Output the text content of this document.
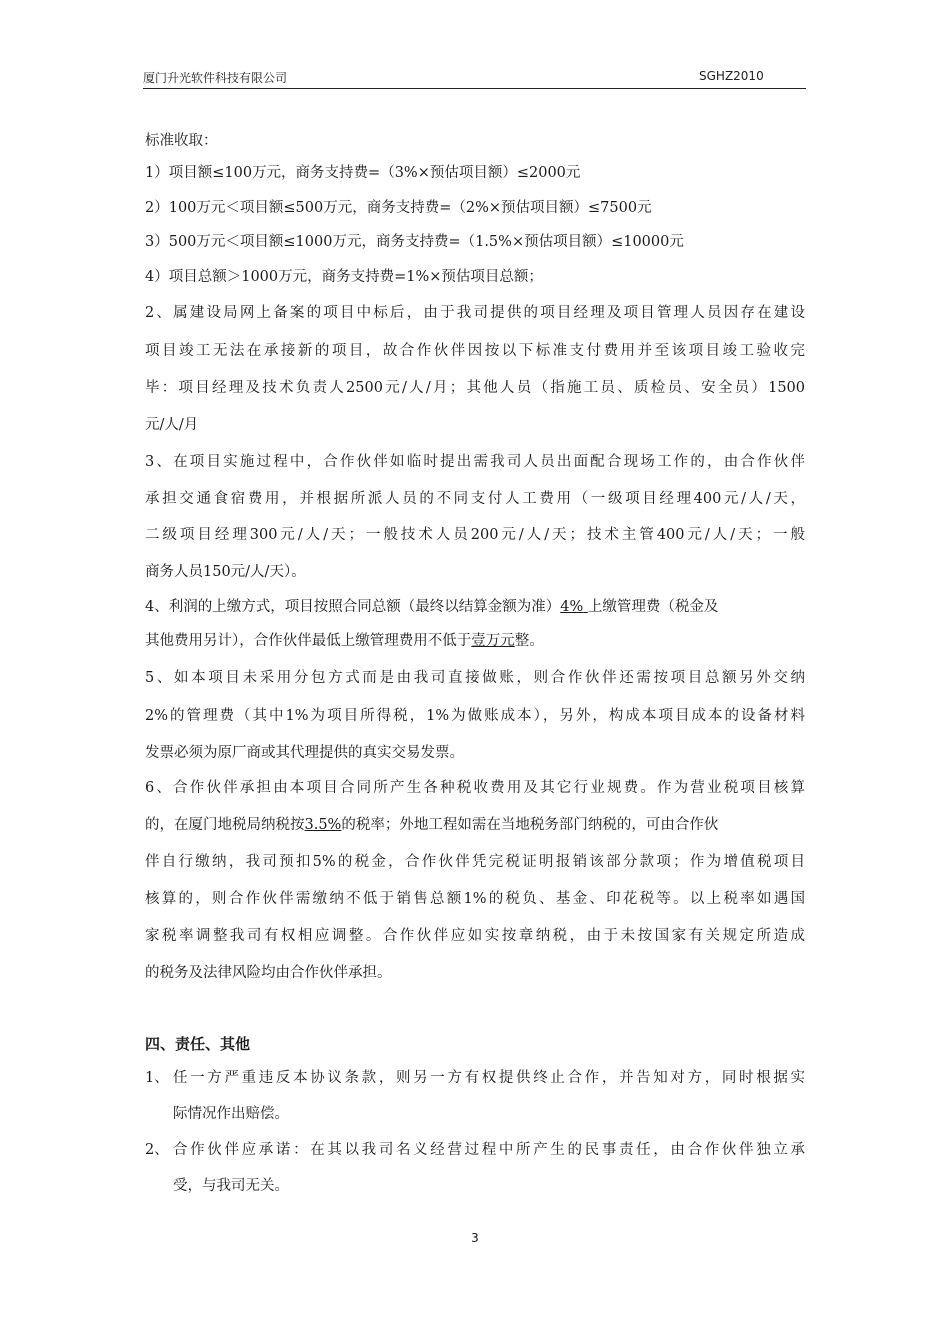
厦门升光软件科技有限公司	SGHZ2010
标准收取：
1）项目额≤100万元，商务支持费=（3%×预估项目额）≤2000元
2）100万元＜项目额≤500万元，商务支持费=（2%×预估项目额）≤7500元
3）500万元＜项目额≤1000万元，商务支持费=（1.5%×预估项目额）≤10000元
4）项目总额＞1000万元，商务支持费=1%×预估项目总额；
2、属建设局网上备案的项目中标后，由于我司提供的项目经理及项目管理人员因存在建设
项目竣工无法在承接新的项目，故合作伙伴因按以下标准支付费用并至该项目竣工验收完
毕：项目经理及技术负责人2500元/人/月；其他人员（指施工员、质检员、安全员）1500
元/人/月
3、在项目实施过程中，合作伙伴如临时提出需我司人员出面配合现场工作的，由合作伙伴
承担交通食宿费用，并根据所派人员的不同支付人工费用（一级项目经理400元/人/天，
二级项目经理300元/人/天；一般技术人员200元/人/天；技术主管400元/人/天；一般
商务人员150元/人/天）。
4、利润的上缴方式，项目按照合同总额（最终以结算金额为准）4% 上缴管理费（税金及
其他费用另计），合作伙伴最低上缴管理费用不低于壹万元整。
5、如本项目未采用分包方式而是由我司直接做账，则合作伙伴还需按项目总额另外交纳
2%的管理费（其中1%为项目所得税，1%为做账成本），另外，构成本项目成本的设备材料
发票必须为原厂商或其代理提供的真实交易发票。
6、合作伙伴承担由本项目合同所产生各种税收费用及其它行业规费。作为营业税项目核算
的，在厦门地税局纳税按3.5%的税率；外地工程如需在当地税务部门纳税的，可由合作伙
伴自行缴纳，我司预扣5%的税金，合作伙伴凭完税证明报销该部分款项；作为增值税项目
核算的，则合作伙伴需缴纳不低于销售总额1%的税负、基金、印花税等。以上税率如遇国
家税率调整我司有权相应调整。合作伙伴应如实按章纳税，由于未按国家有关规定所造成
的税务及法律风险均由合作伙伴承担。
四、责任、其他
1、 任一方严重违反本协议条款，则另一方有权提供终止合作，并告知对方，同时根据实
际情况作出赔偿。
2、 合作伙伴应承诺：在其以我司名义经营过程中所产生的民事责任，由合作伙伴独立承
受，与我司无关。
3
